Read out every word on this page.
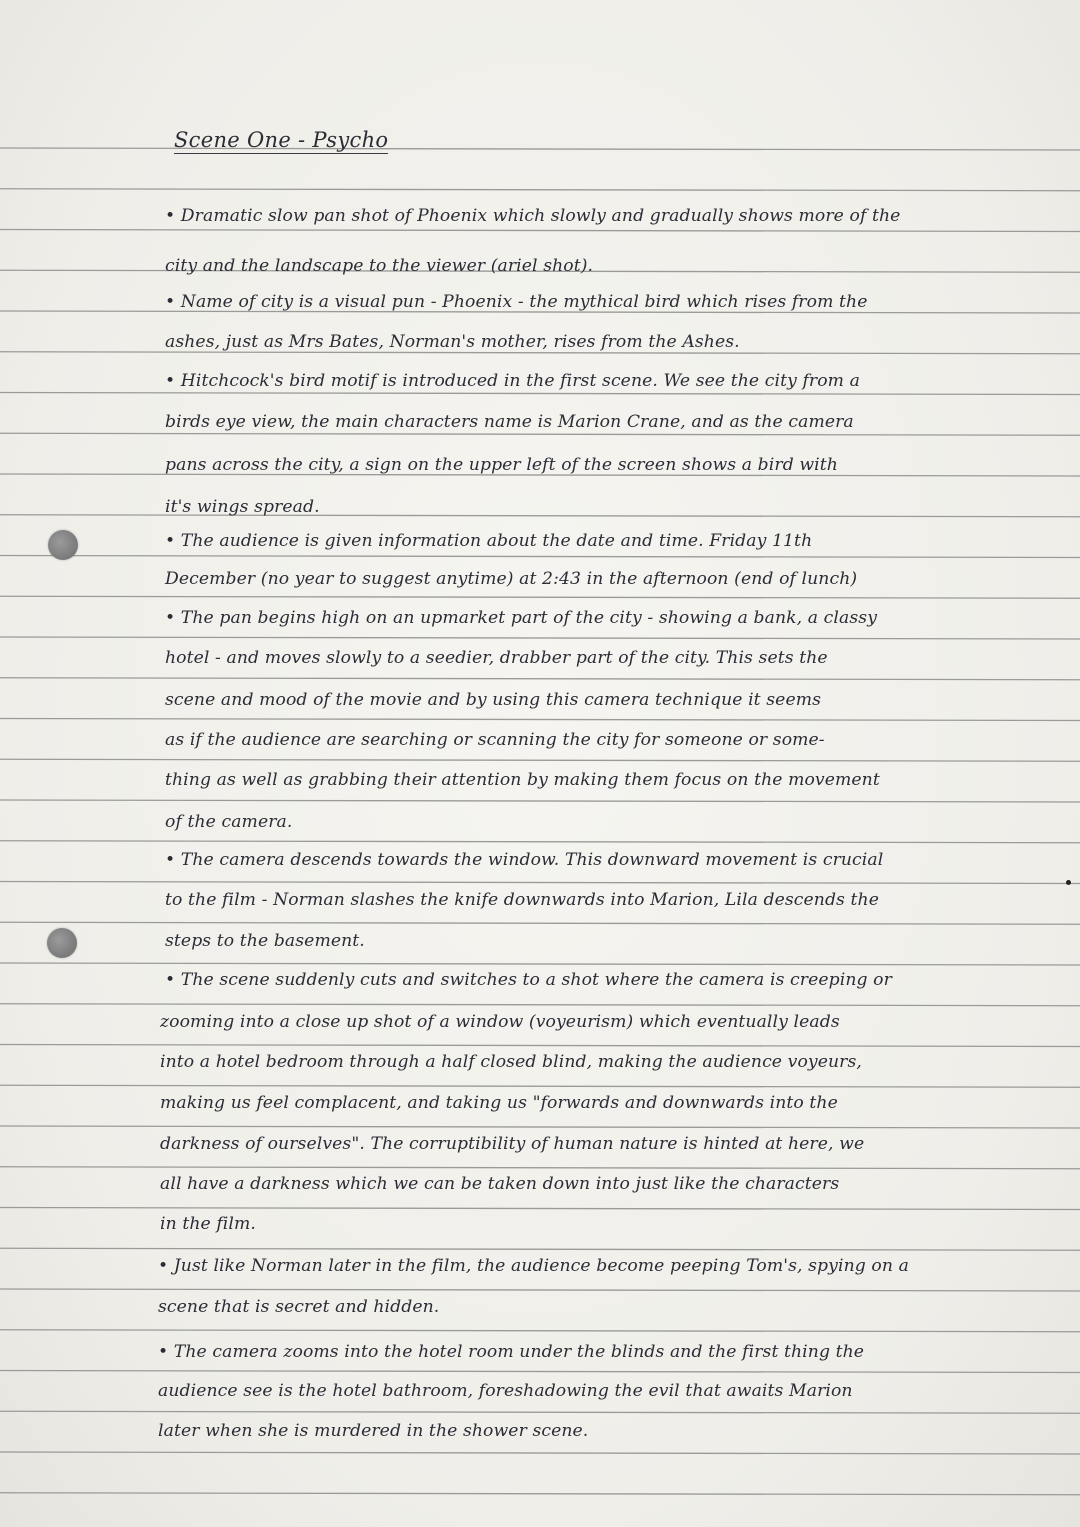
Scene One - Psycho
• Dramatic slow pan shot of Phoenix which slowly and gradually shows more of the
city and the landscape to the viewer (ariel shot).
• Name of city is a visual pun - Phoenix - the mythical bird which rises from the
ashes, just as Mrs Bates, Norman's mother, rises from the Ashes.
• Hitchcock's bird motif is introduced in the first scene. We see the city from a
birds eye view, the main characters name is Marion Crane, and as the camera
pans across the city, a sign on the upper left of the screen shows a bird with
it's wings spread.
• The audience is given information about the date and time. Friday 11th
December (no year to suggest anytime) at 2:43 in the afternoon (end of lunch)
• The pan begins high on an upmarket part of the city - showing a bank, a classy
hotel - and moves slowly to a seedier, drabber part of the city. This sets the
scene and mood of the movie and by using this camera technique it seems
as if the audience are searching or scanning the city for someone or some-
thing as well as grabbing their attention by making them focus on the movement
of the camera.
• The camera descends towards the window. This downward movement is crucial
to the film - Norman slashes the knife downwards into Marion, Lila descends the
steps to the basement.
• The scene suddenly cuts and switches to a shot where the camera is creeping or
zooming into a close up shot of a window (voyeurism) which eventually leads
into a hotel bedroom through a half closed blind, making the audience voyeurs,
making us feel complacent, and taking us "forwards and downwards into the
darkness of ourselves". The corruptibility of human nature is hinted at here, we
all have a darkness which we can be taken down into just like the characters
in the film.
• Just like Norman later in the film, the audience become peeping Tom's, spying on a
scene that is secret and hidden.
• The camera zooms into the hotel room under the blinds and the first thing the
audience see is the hotel bathroom, foreshadowing the evil that awaits Marion
later when she is murdered in the shower scene.
